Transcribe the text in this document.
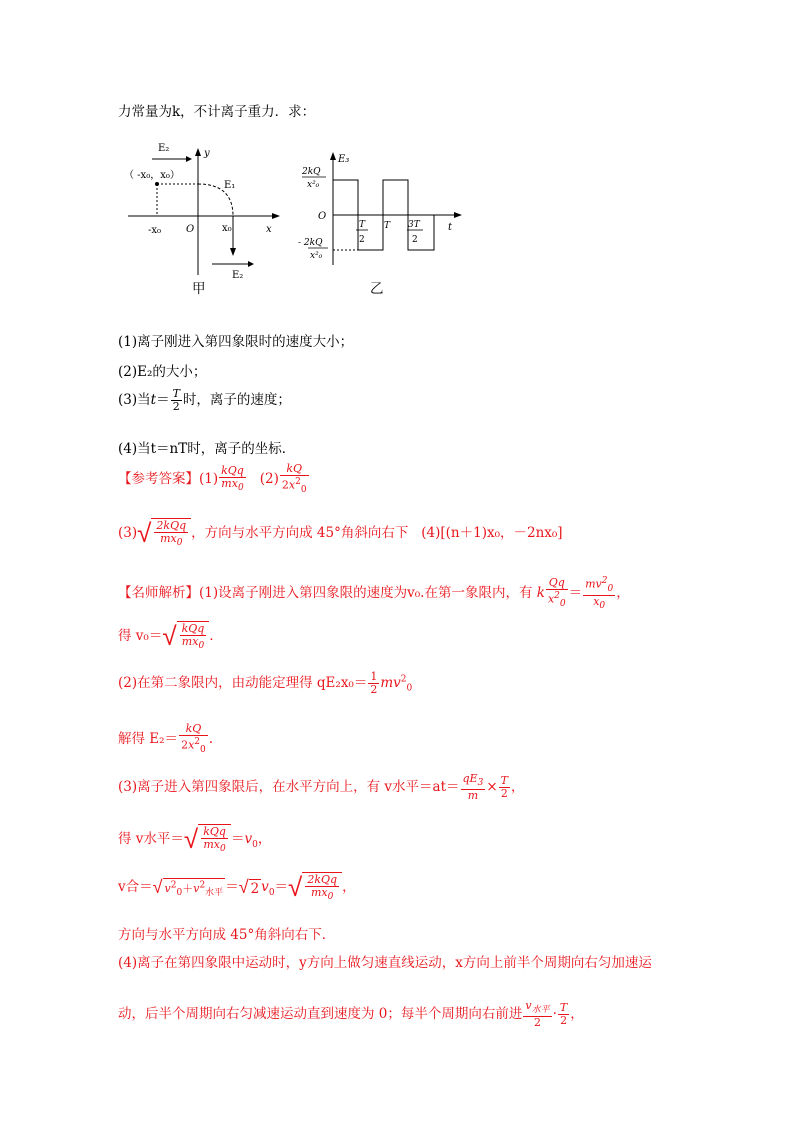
力常量为k，不计离子重力．求：
E₂	y
x
（ -x₀，x₀）
E₁
-x₀ O	x₀
E₂
甲
E₃
t
O
2kQ
x²₀
- 2kQ
x²₀
T
2
T 3T
2
乙
(1)离子刚进入第四象限时的速度大小；
(2)E₂的大小；
(3)当$t= \frac{T}{2}$ 时，离子的速度；
(4)当t＝nT时，离子的坐标．
【参考答案】$(1) \frac{\text{kQq}}{mx_0} (2) \frac{kQ}{2x^2_0}$
(3) √ $\frac{\text{2kQq}}{mx_0}$ ，方向与水平方向成 45°角斜向右下 (4)[(n＋1)x₀，－2nx₀]
【名师解析】(1)设离子刚进入第四象限的速度为v₀.在第一象限内，有 k $\frac{Qq}{x^2_0} = \frac{mv^2_0}{x_0}$ ，
得 v₀＝ √ $\frac{\text{kQq}}{mx_0}$ ．
(2)在第二象限内，由动能定理得 $qE_2x_0= \frac{1}{2} mv^2_0$
解得 $E_2= \frac{kQ}{2x^2_0}$ .
(3)离子进入第四象限后，在水平方向上，有 v水平$=at= \frac{qE_3}{m} \times \frac{T}{2}$ ，
得 v水平＝ √ $\frac{\text{kQq}}{mx_0} =v_0$，
v合＝ √ $v^2_0+v^2_{水平}$ ＝ √ 2 $v_0=$ √ $\frac{\text{2kQq}}{mx_0}$ ，
方向与水平方向成 45°角斜向右下．
(4)离子在第四象限中运动时，y方向上做匀速直线运动，x方向上前半个周期向右匀加速运
动，后半个周期向右匀减速运动直到速度为 0；每半个周期向右前进 $\frac{v_{水平}}{2} \cdot \frac{T}{2}$ ，
